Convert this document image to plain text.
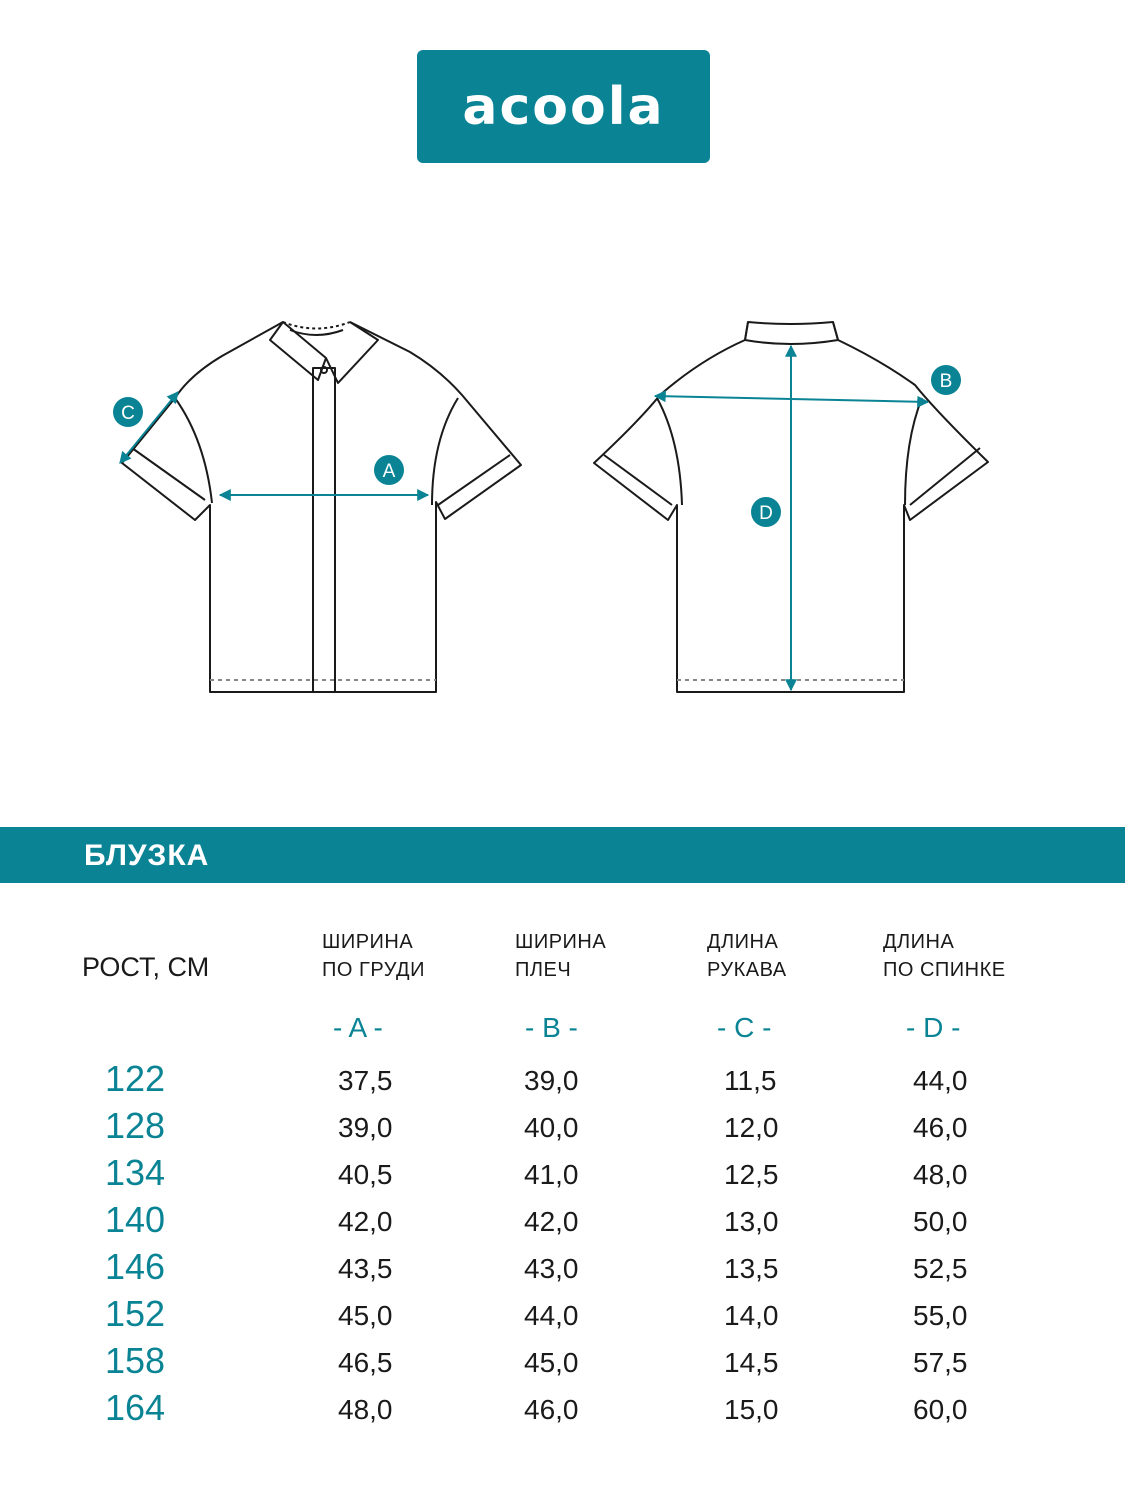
acoola
A
B
C
D
БЛУЗКА
РОСТ, СМ
ШИРИНА
ПО ГРУДИ
ШИРИНА
ПЛЕЧ
ДЛИНА
РУКАВА
ДЛИНА
ПО СПИНКЕ
- A -	- B -	- C -	- D -
122	37,5	39,0	11,5	44,0
128	39,0	40,0	12,0	46,0
134	40,5	41,0	12,5	48,0
140	42,0	42,0	13,0	50,0
146	43,5	43,0	13,5	52,5
152	45,0	44,0	14,0	55,0
158	46,5	45,0	14,5	57,5
164	48,0	46,0	15,0	60,0
